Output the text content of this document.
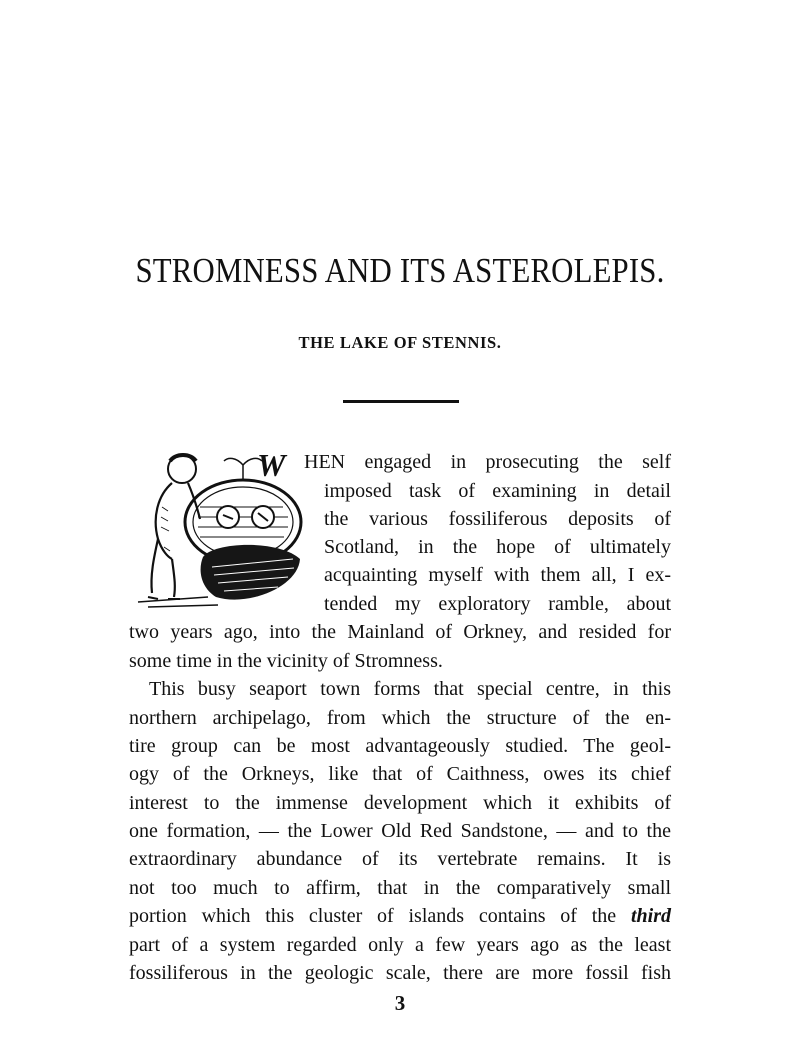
STROMNESS AND ITS ASTEROLEPIS.
THE LAKE OF STENNIS.
W HEN engaged in prosecuting the self
imposed task of examining in detail
the various fossiliferous deposits of
Scotland, in the hope of ultimately
acquainting myself with them all, I ex-
tended my exploratory ramble, about
two years ago, into the Mainland of Orkney, and resided for
some time in the vicinity of Stromness.
This busy seaport town forms that special centre, in this
northern archipelago, from which the structure of the en-
tire group can be most advantageously studied. The geol-
ogy of the Orkneys, like that of Caithness, owes its chief
interest to the immense development which it exhibits of
one formation, — the Lower Old Red Sandstone, — and to the
extraordinary abundance of its vertebrate remains. It is
not too much to affirm, that in the comparatively small
portion which this cluster of islands contains of the third
part of a system regarded only a few years ago as the least
fossiliferous in the geologic scale, there are more fossil fish
3
